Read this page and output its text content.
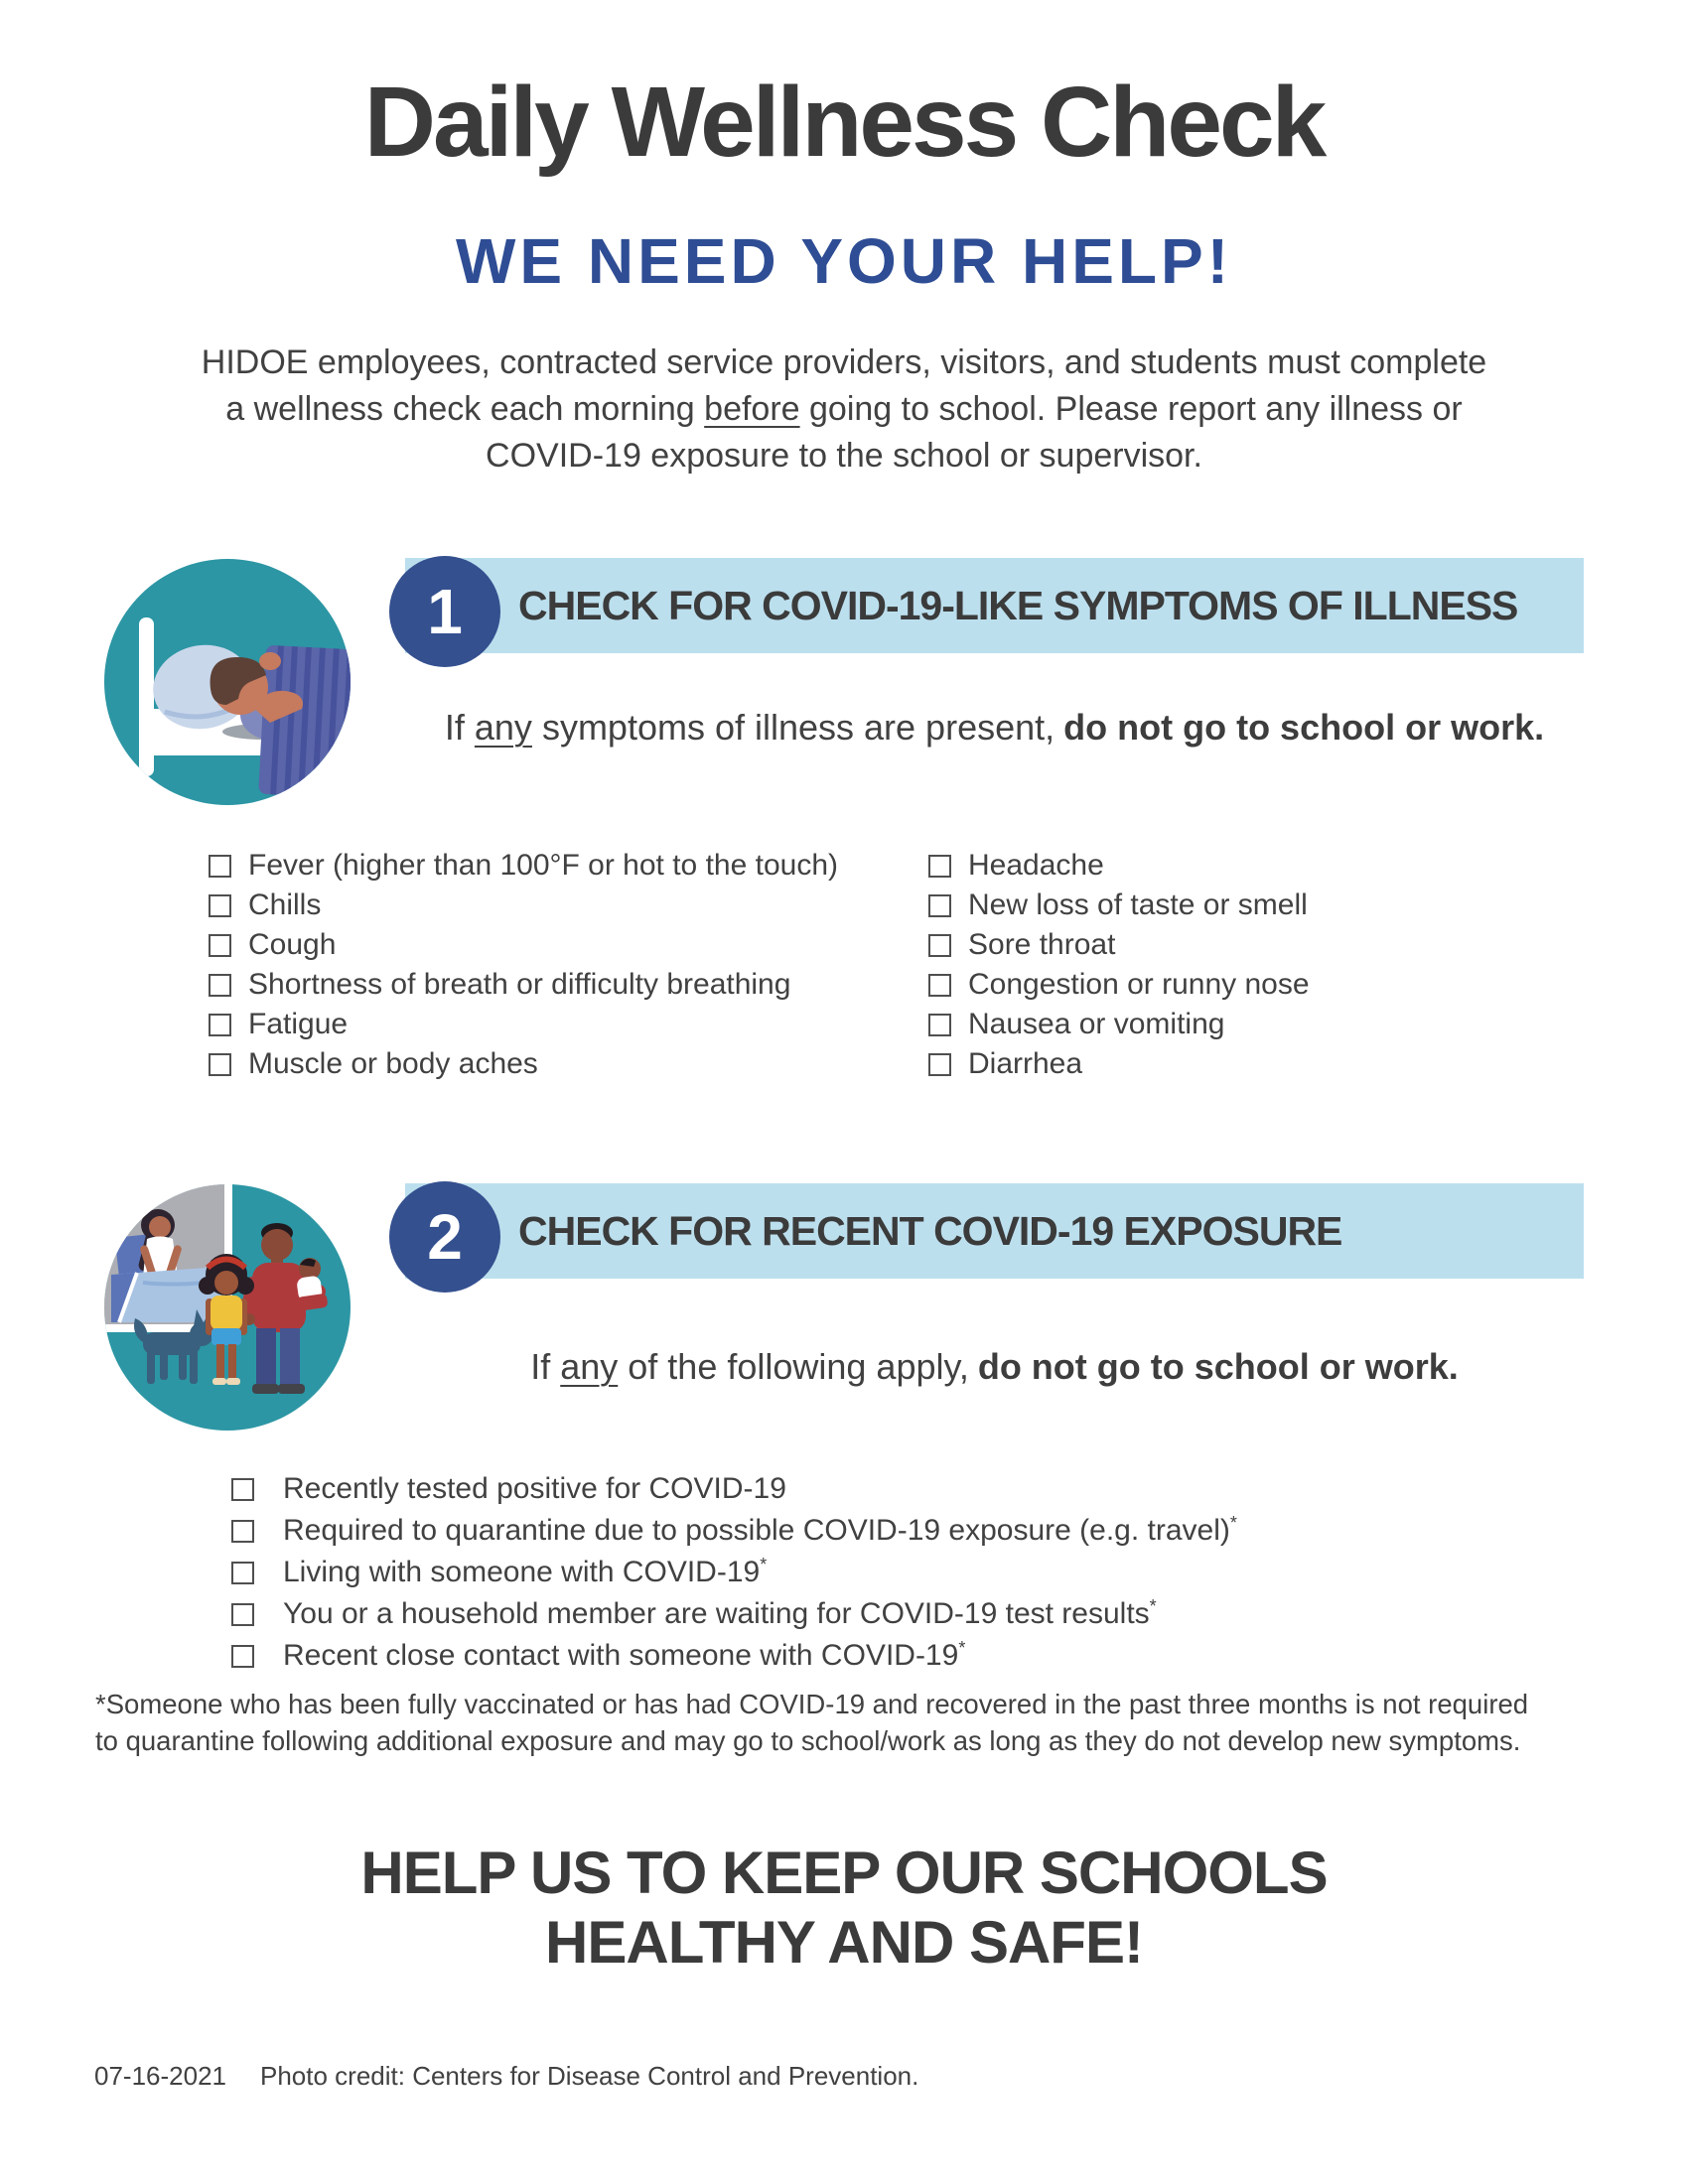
Daily Wellness Check
WE NEED YOUR HELP!
HIDOE employees, contracted service providers, visitors, and students must complete
a wellness check each morning before going to school. Please report any illness or
COVID-19 exposure to the school or supervisor.
CHECK FOR COVID-19-LIKE SYMPTOMS OF ILLNESS
1
If any symptoms of illness are present, do not go to school or work.
Fever (higher than 100°F or hot to the touch)
Chills
Cough
Shortness of breath or difficulty breathing
Fatigue
Muscle or body aches
Headache
New loss of taste or smell
Sore throat
Congestion or runny nose
Nausea or vomiting
Diarrhea
CHECK FOR RECENT COVID-19 EXPOSURE
2
If any of the following apply, do not go to school or work.
Recently tested positive for COVID-19
Required to quarantine due to possible COVID-19 exposure (e.g. travel)*
Living with someone with COVID-19*
You or a household member are waiting for COVID-19 test results*
Recent close contact with someone with COVID-19*
*Someone who has been fully vaccinated or has had COVID-19 and recovered in the past three months is not required to quarantine following additional exposure and may go to school/work as long as they do not develop new symptoms.
HELP US TO KEEP OUR SCHOOLS
HEALTHY AND SAFE!
07-16-2021 Photo credit: Centers for Disease Control and Prevention.
